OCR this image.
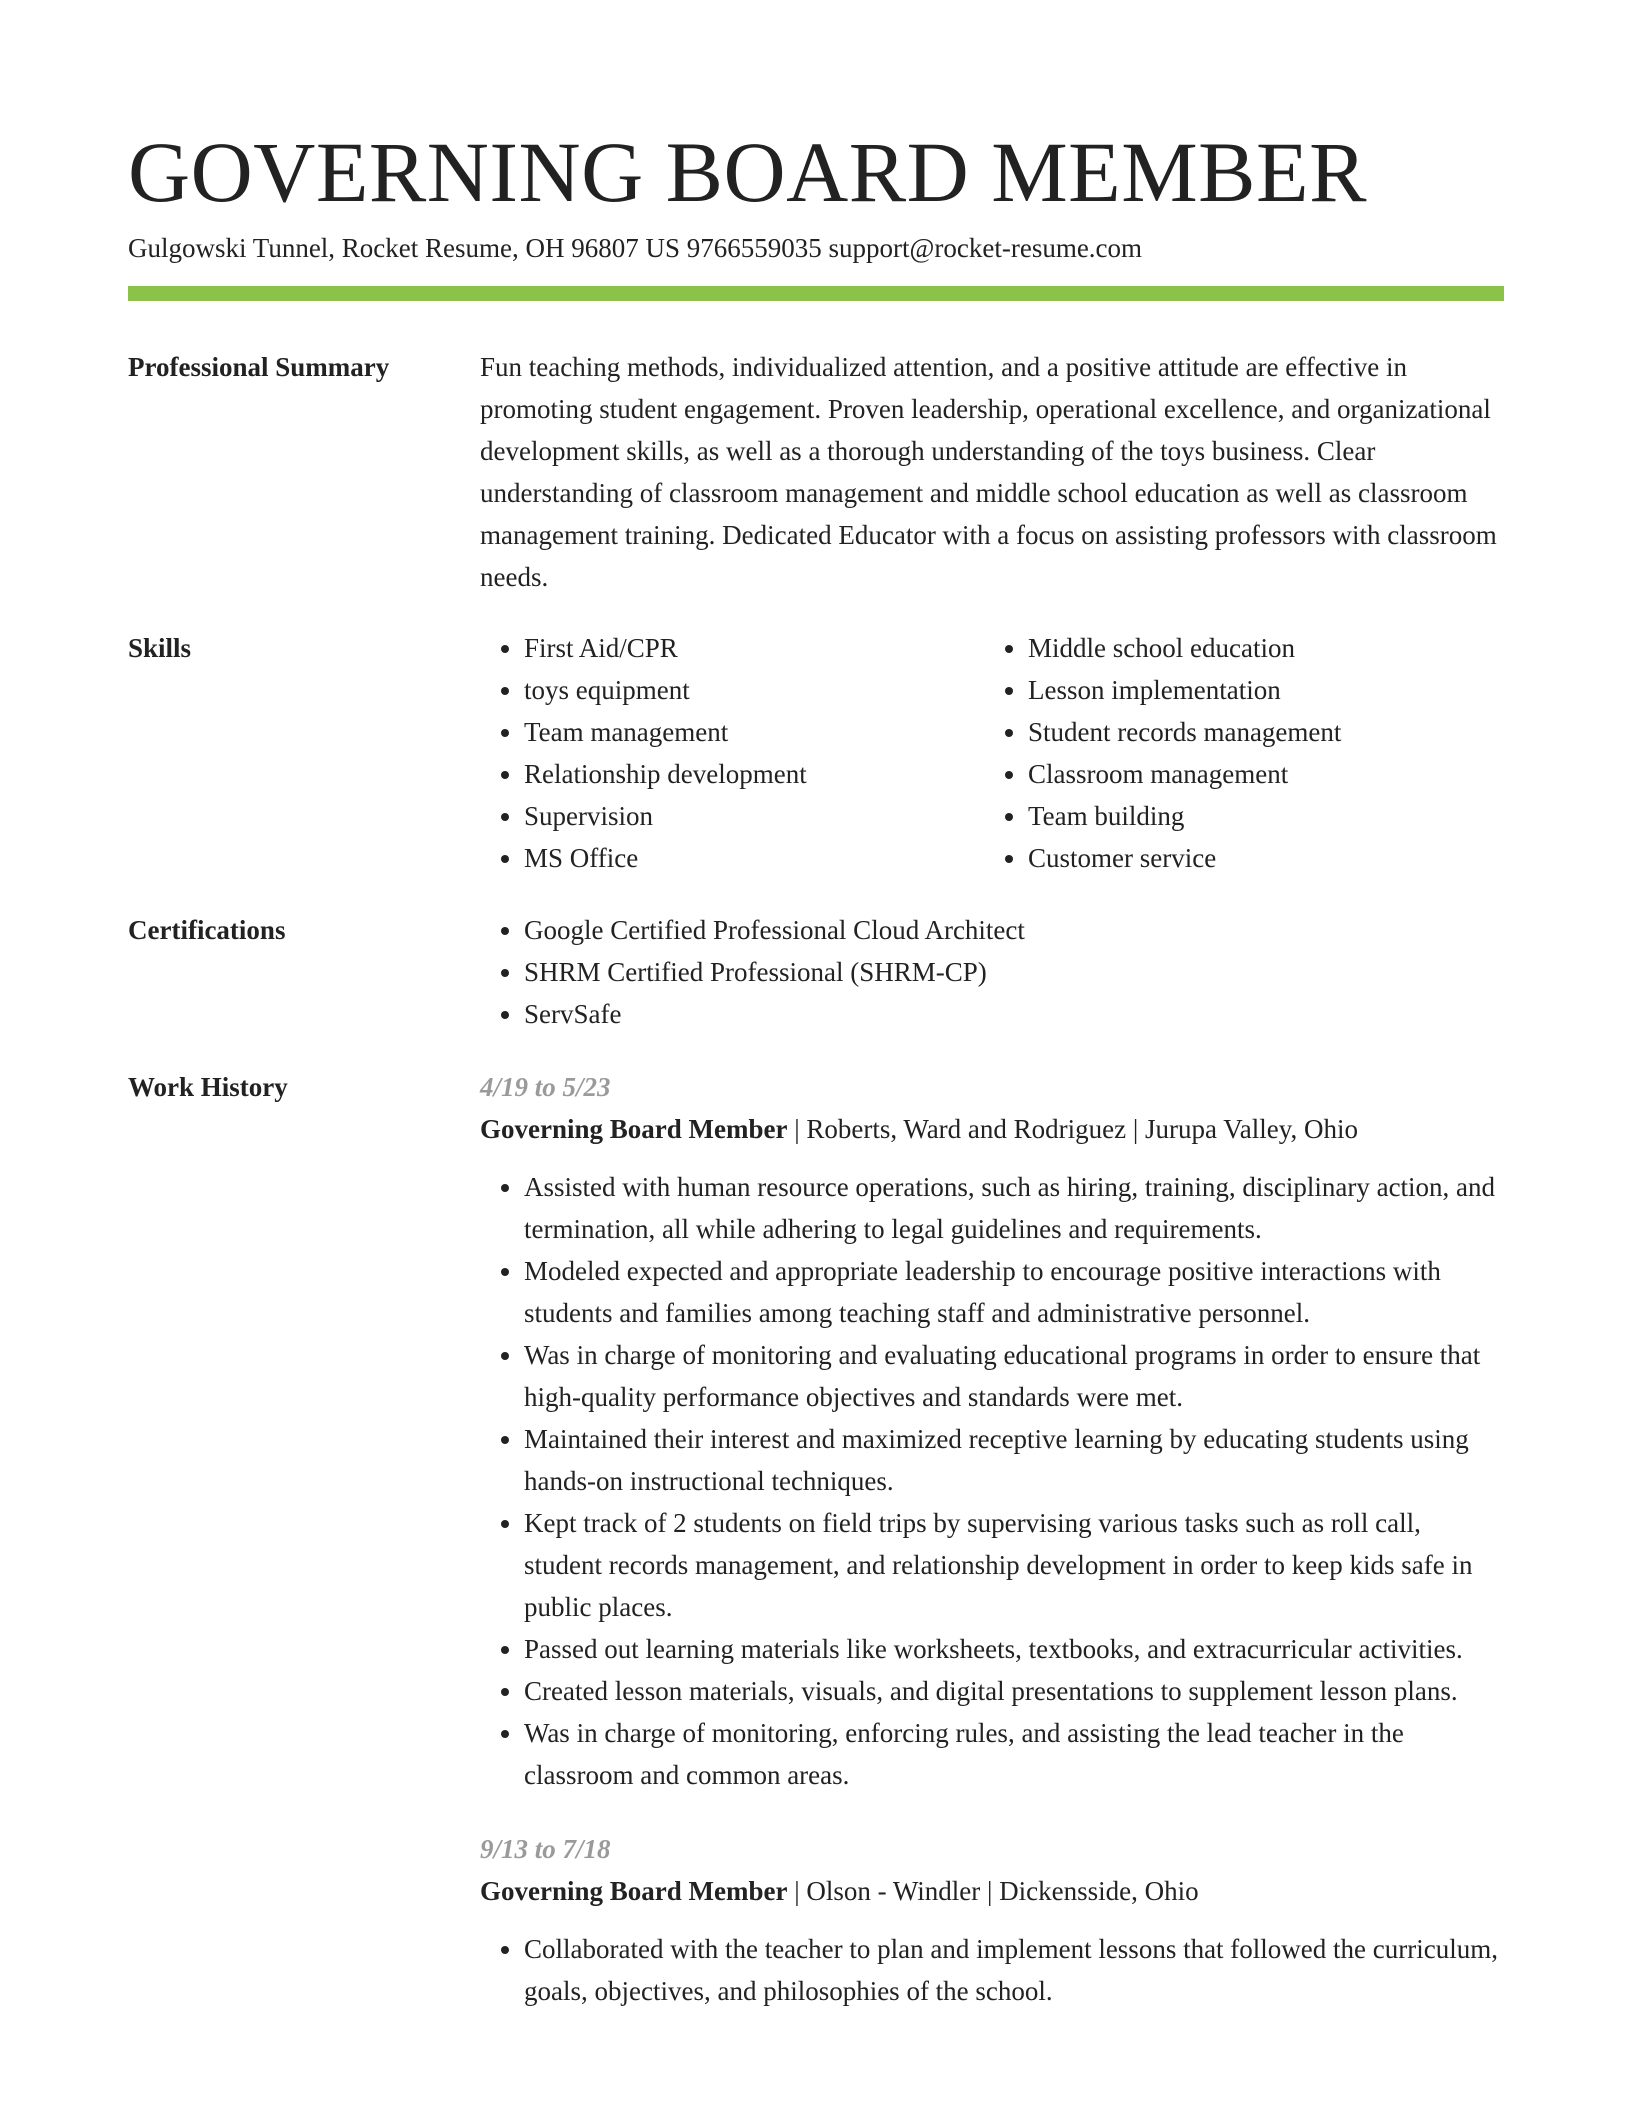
GOVERNING BOARD MEMBER
Gulgowski Tunnel, Rocket Resume, OH 96807 US 9766559035 support@rocket-resume.com
Professional Summary	Fun teaching methods, individualized attention, and a positive attitude are effective in promoting student engagement. Proven leadership, operational excellence, and organizational development skills, as well as a thorough understanding of the toys business. Clear understanding of classroom management and middle school education as well as classroom management training. Dedicated Educator with a focus on assisting professors with classroom needs.

Skills	• First Aid/CPR
• toys equipment
• Team management
• Relationship development
• Supervision
• MS Office
• Middle school education
• Lesson implementation
• Student records management
• Classroom management
• Team building
• Customer service
Certifications	• Google Certified Professional Cloud Architect
• SHRM Certified Professional (SHRM-CP)
• ServSafe
Work History	4/19 to 5/23
Governing Board Member | Roberts, Ward and Rodriguez | Jurupa Valley, Ohio
• Assisted with human resource operations, such as hiring, training, disciplinary action, and termination, all while adhering to legal guidelines and requirements.
• Modeled expected and appropriate leadership to encourage positive interactions with students and families among teaching staff and administrative personnel.
• Was in charge of monitoring and evaluating educational programs in order to ensure that high-quality performance objectives and standards were met.
• Maintained their interest and maximized receptive learning by educating students using hands-on instructional techniques.
• Kept track of 2 students on field trips by supervising various tasks such as roll call, student records management, and relationship development in order to keep kids safe in public places.
• Passed out learning materials like worksheets, textbooks, and extracurricular activities.
• Created lesson materials, visuals, and digital presentations to supplement lesson plans.
• Was in charge of monitoring, enforcing rules, and assisting the lead teacher in the classroom and common areas.
9/13 to 7/18
Governing Board Member | Olson - Windler | Dickensside, Ohio
• Collaborated with the teacher to plan and implement lessons that followed the curriculum, goals, objectives, and philosophies of the school.
